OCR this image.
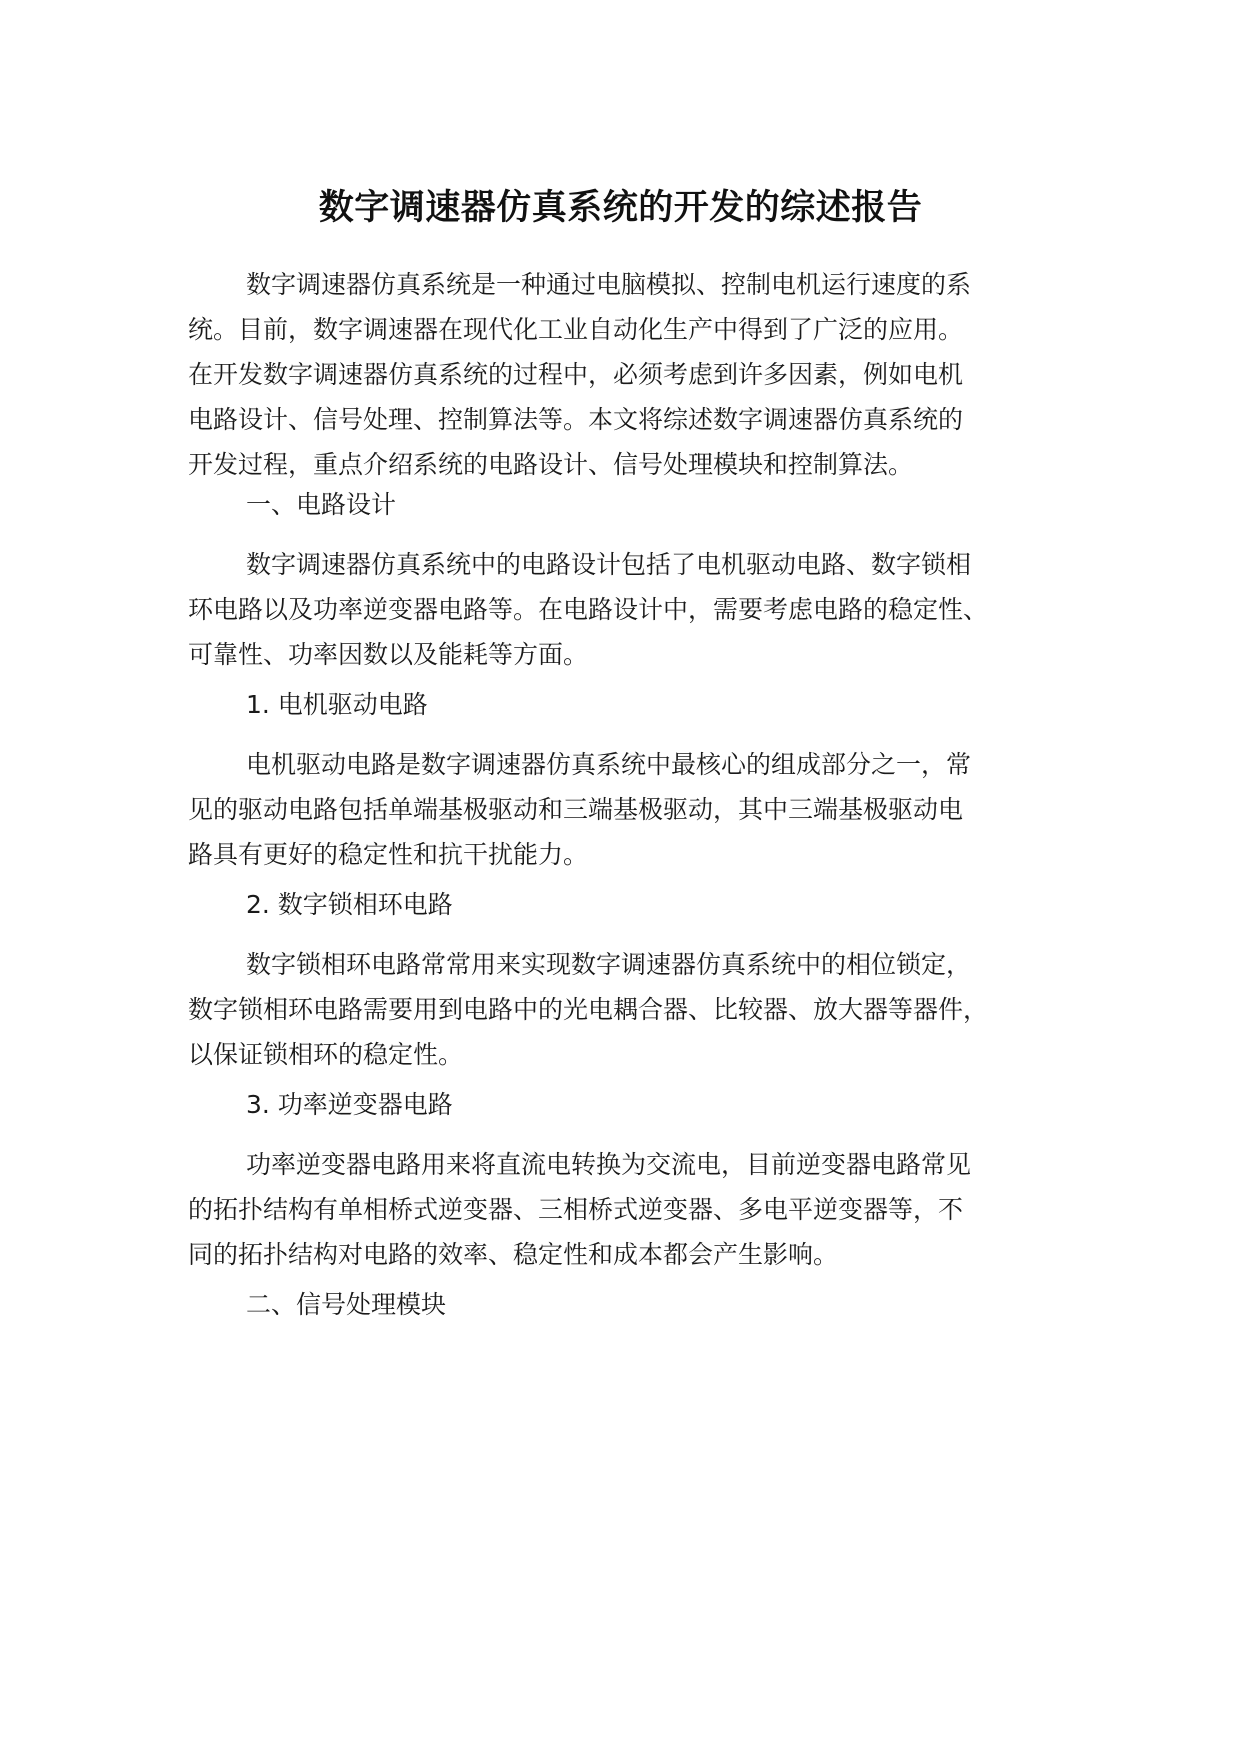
数字调速器仿真系统的开发的综述报告
数字调速器仿真系统是一种通过电脑模拟、控制电机运行速度的系
统。目前，数字调速器在现代化工业自动化生产中得到了广泛的应用。
在开发数字调速器仿真系统的过程中，必须考虑到许多因素，例如电机
电路设计、信号处理、控制算法等。本文将综述数字调速器仿真系统的
开发过程，重点介绍系统的电路设计、信号处理模块和控制算法。
一、电路设计
数字调速器仿真系统中的电路设计包括了电机驱动电路、数字锁相
环电路以及功率逆变器电路等。在电路设计中，需要考虑电路的稳定性、
可靠性、功率因数以及能耗等方面。
1. 电机驱动电路
电机驱动电路是数字调速器仿真系统中最核心的组成部分之一，常
见的驱动电路包括单端基极驱动和三端基极驱动，其中三端基极驱动电
路具有更好的稳定性和抗干扰能力。
2. 数字锁相环电路
数字锁相环电路常常用来实现数字调速器仿真系统中的相位锁定，
数字锁相环电路需要用到电路中的光电耦合器、比较器、放大器等器件，
以保证锁相环的稳定性。
3. 功率逆变器电路
功率逆变器电路用来将直流电转换为交流电，目前逆变器电路常见
的拓扑结构有单相桥式逆变器、三相桥式逆变器、多电平逆变器等，不
同的拓扑结构对电路的效率、稳定性和成本都会产生影响。
二、信号处理模块
